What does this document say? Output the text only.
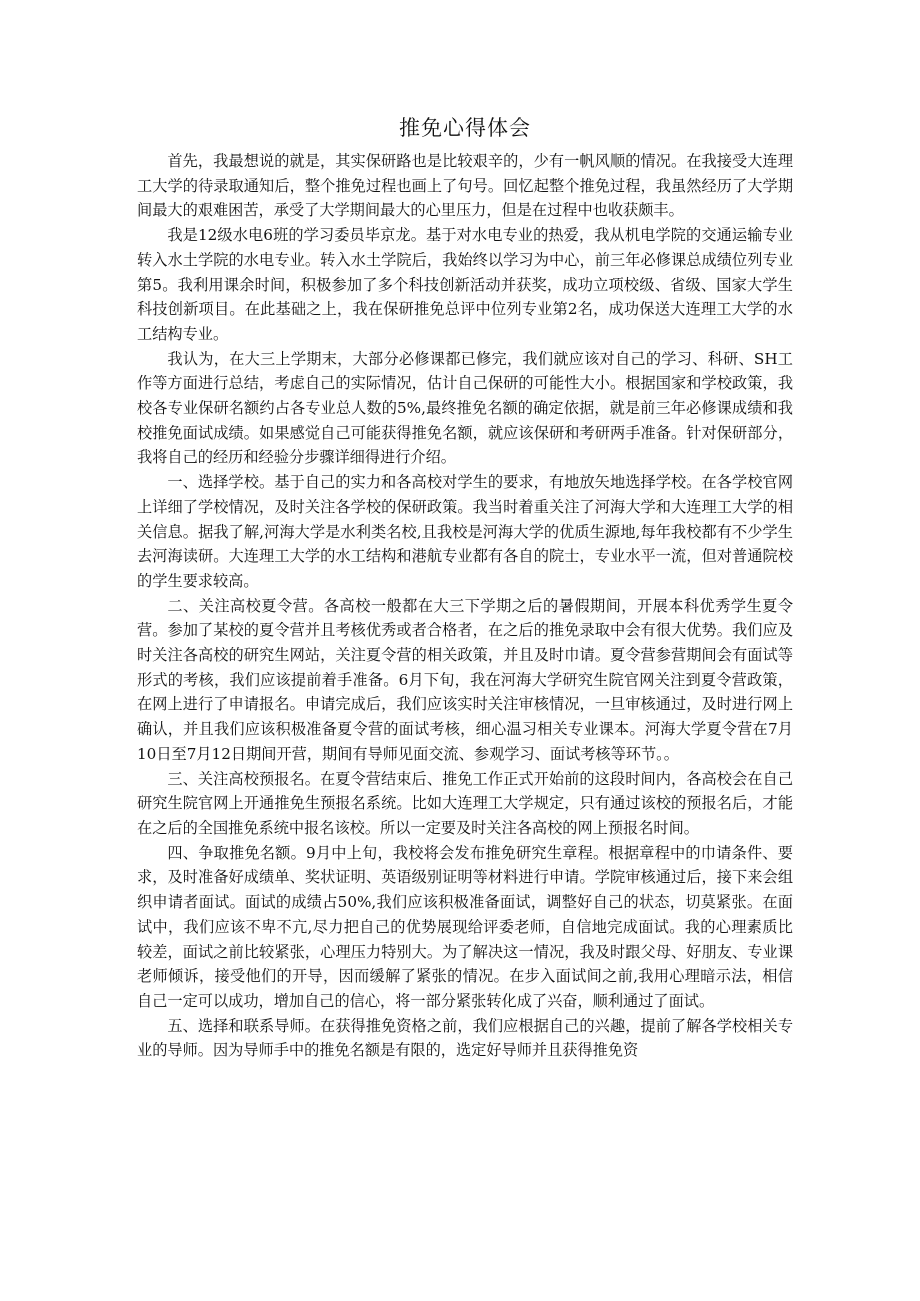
推免心得体会

首先，我最想说的就是，其实保研路也是比较艰辛的，少有一帆风顺的情况。在我接受大连理工大学的待录取通知后，整个推免过程也画上了句号。回忆起整个推免过程，我虽然经历了大学期间最大的艰难困苦，承受了大学期间最大的心里压力，但是在过程中也收获颇丰。

我是12级水电6班的学习委员毕京龙。基于对水电专业的热爱，我从机电学院的交通运输专业转入水土学院的水电专业。转入水土学院后，我始终以学习为中心，前三年必修课总成绩位列专业第5。我利用课余时间，积极参加了多个科技创新活动并获奖，成功立项校级、省级、国家大学生科技创新项目。在此基础之上，我在保研推免总评中位列专业第2名，成功保送大连理工大学的水工结构专业。

我认为，在大三上学期末，大部分必修课都已修完，我们就应该对自己的学习、科研、SH工作等方面进行总结，考虑自己的实际情况，估计自己保研的可能性大小。根据国家和学校政策，我校各专业保研名额约占各专业总人数的5%,最终推免名额的确定依据，就是前三年必修课成绩和我校推免面试成绩。如果感觉自己可能获得推免名额，就应该保研和考研两手准备。针对保研部分，我将自己的经历和经验分步骤详细得进行介绍。

一、选择学校。基于自己的实力和各高校对学生的要求，有地放矢地选择学校。在各学校官网上详细了学校情况，及时关注各学校的保研政策。我当时着重关注了河海大学和大连理工大学的相关信息。据我了解,河海大学是水利类名校,且我校是河海大学的优质生源地,每年我校都有不少学生去河海读研。大连理工大学的水工结构和港航专业都有各自的院士，专业水平一流，但对普通院校的学生要求较高。

二、关注高校夏令营。各高校一般都在大三下学期之后的暑假期间，开展本科优秀学生夏令营。参加了某校的夏令营并且考核优秀或者合格者，在之后的推免录取中会有很大优势。我们应及时关注各高校的研究生网站，关注夏令营的相关政策，并且及时巾请。夏令营参营期间会有面试等形式的考核，我们应该提前着手准备。6月下旬，我在河海大学研究生院官网关注到夏令营政策，在网上进行了申请报名。申请完成后，我们应该实时关注审核情况，一旦审核通过，及时进行网上确认，并且我们应该积极准备夏令营的面试考核，细心温习相关专业课本。河海大学夏令营在7月10日至7月12日期间开营，期间有导师见面交流、参观学习、面试考核等环节。。

三、关注高校预报名。在夏令营结束后、推免工作正式开始前的这段时间内，各高校会在自己研究生院官网上开通推免生预报名系统。比如大连理工大学规定，只有通过该校的预报名后，才能在之后的全国推免系统中报名该校。所以一定要及时关注各高校的网上预报名时间。

四、争取推免名额。9月中上旬，我校将会发布推免研究生章程。根据章程中的巾请条件、要求，及时准备好成绩单、奖状证明、英语级别证明等材料进行申请。学院审核通过后，接下来会组织申请者面试。面试的成绩占50%,我们应该积极准备面试，调整好自己的状态，切莫紧张。在面试中，我们应该不卑不亢,尽力把自己的优势展现给评委老师，自信地完成面试。我的心理素质比较差，面试之前比较紧张，心理压力特别大。为了解决这一情况，我及时跟父母、好朋友、专业课老师倾诉，接受他们的开导，因而缓解了紧张的情况。在步入面试间之前,我用心理暗示法，相信自己一定可以成功，增加自己的信心，将一部分紧张转化成了兴奋，顺利通过了面试。

五、选择和联系导师。在获得推免资格之前，我们应根据自己的兴趣，提前了解各学校相关专业的导师。因为导师手中的推免名额是有限的，选定好导师并且获得推免资
